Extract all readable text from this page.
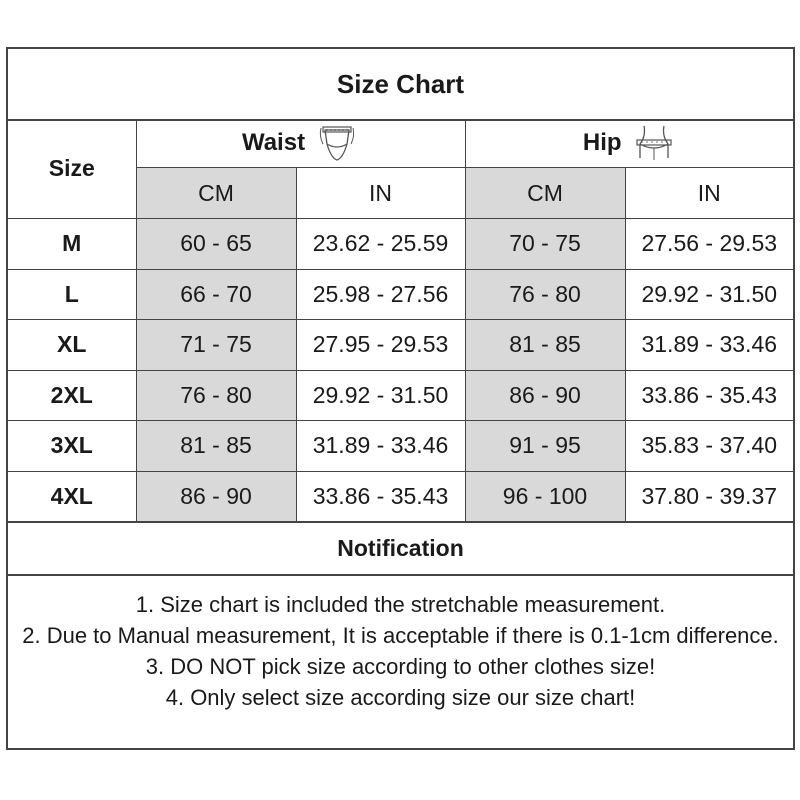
Size Chart
Size	Waist		Hip	

	CM	IN	CM	IN
M	60 - 65	23.62 - 25.59	70 - 75	27.56 - 29.53
L	66 - 70	25.98 - 27.56	76 - 80	29.92 - 31.50
XL	71 - 75	27.95 - 29.53	81 - 85	31.89 - 33.46
2XL	76 - 80	29.92 - 31.50	86 - 90	33.86 - 35.43
3XL	81 - 85	31.89 - 33.46	91 - 95	35.83 - 37.40
4XL	86 - 90	33.86 - 35.43	96 - 100	37.80 - 39.37
Notification
1. Size chart is included the stretchable measurement.
2. Due to Manual measurement, It is acceptable if there is 0.1-1cm difference.
3. DO NOT pick size according to other clothes size!
4. Only select size according size our size chart!
